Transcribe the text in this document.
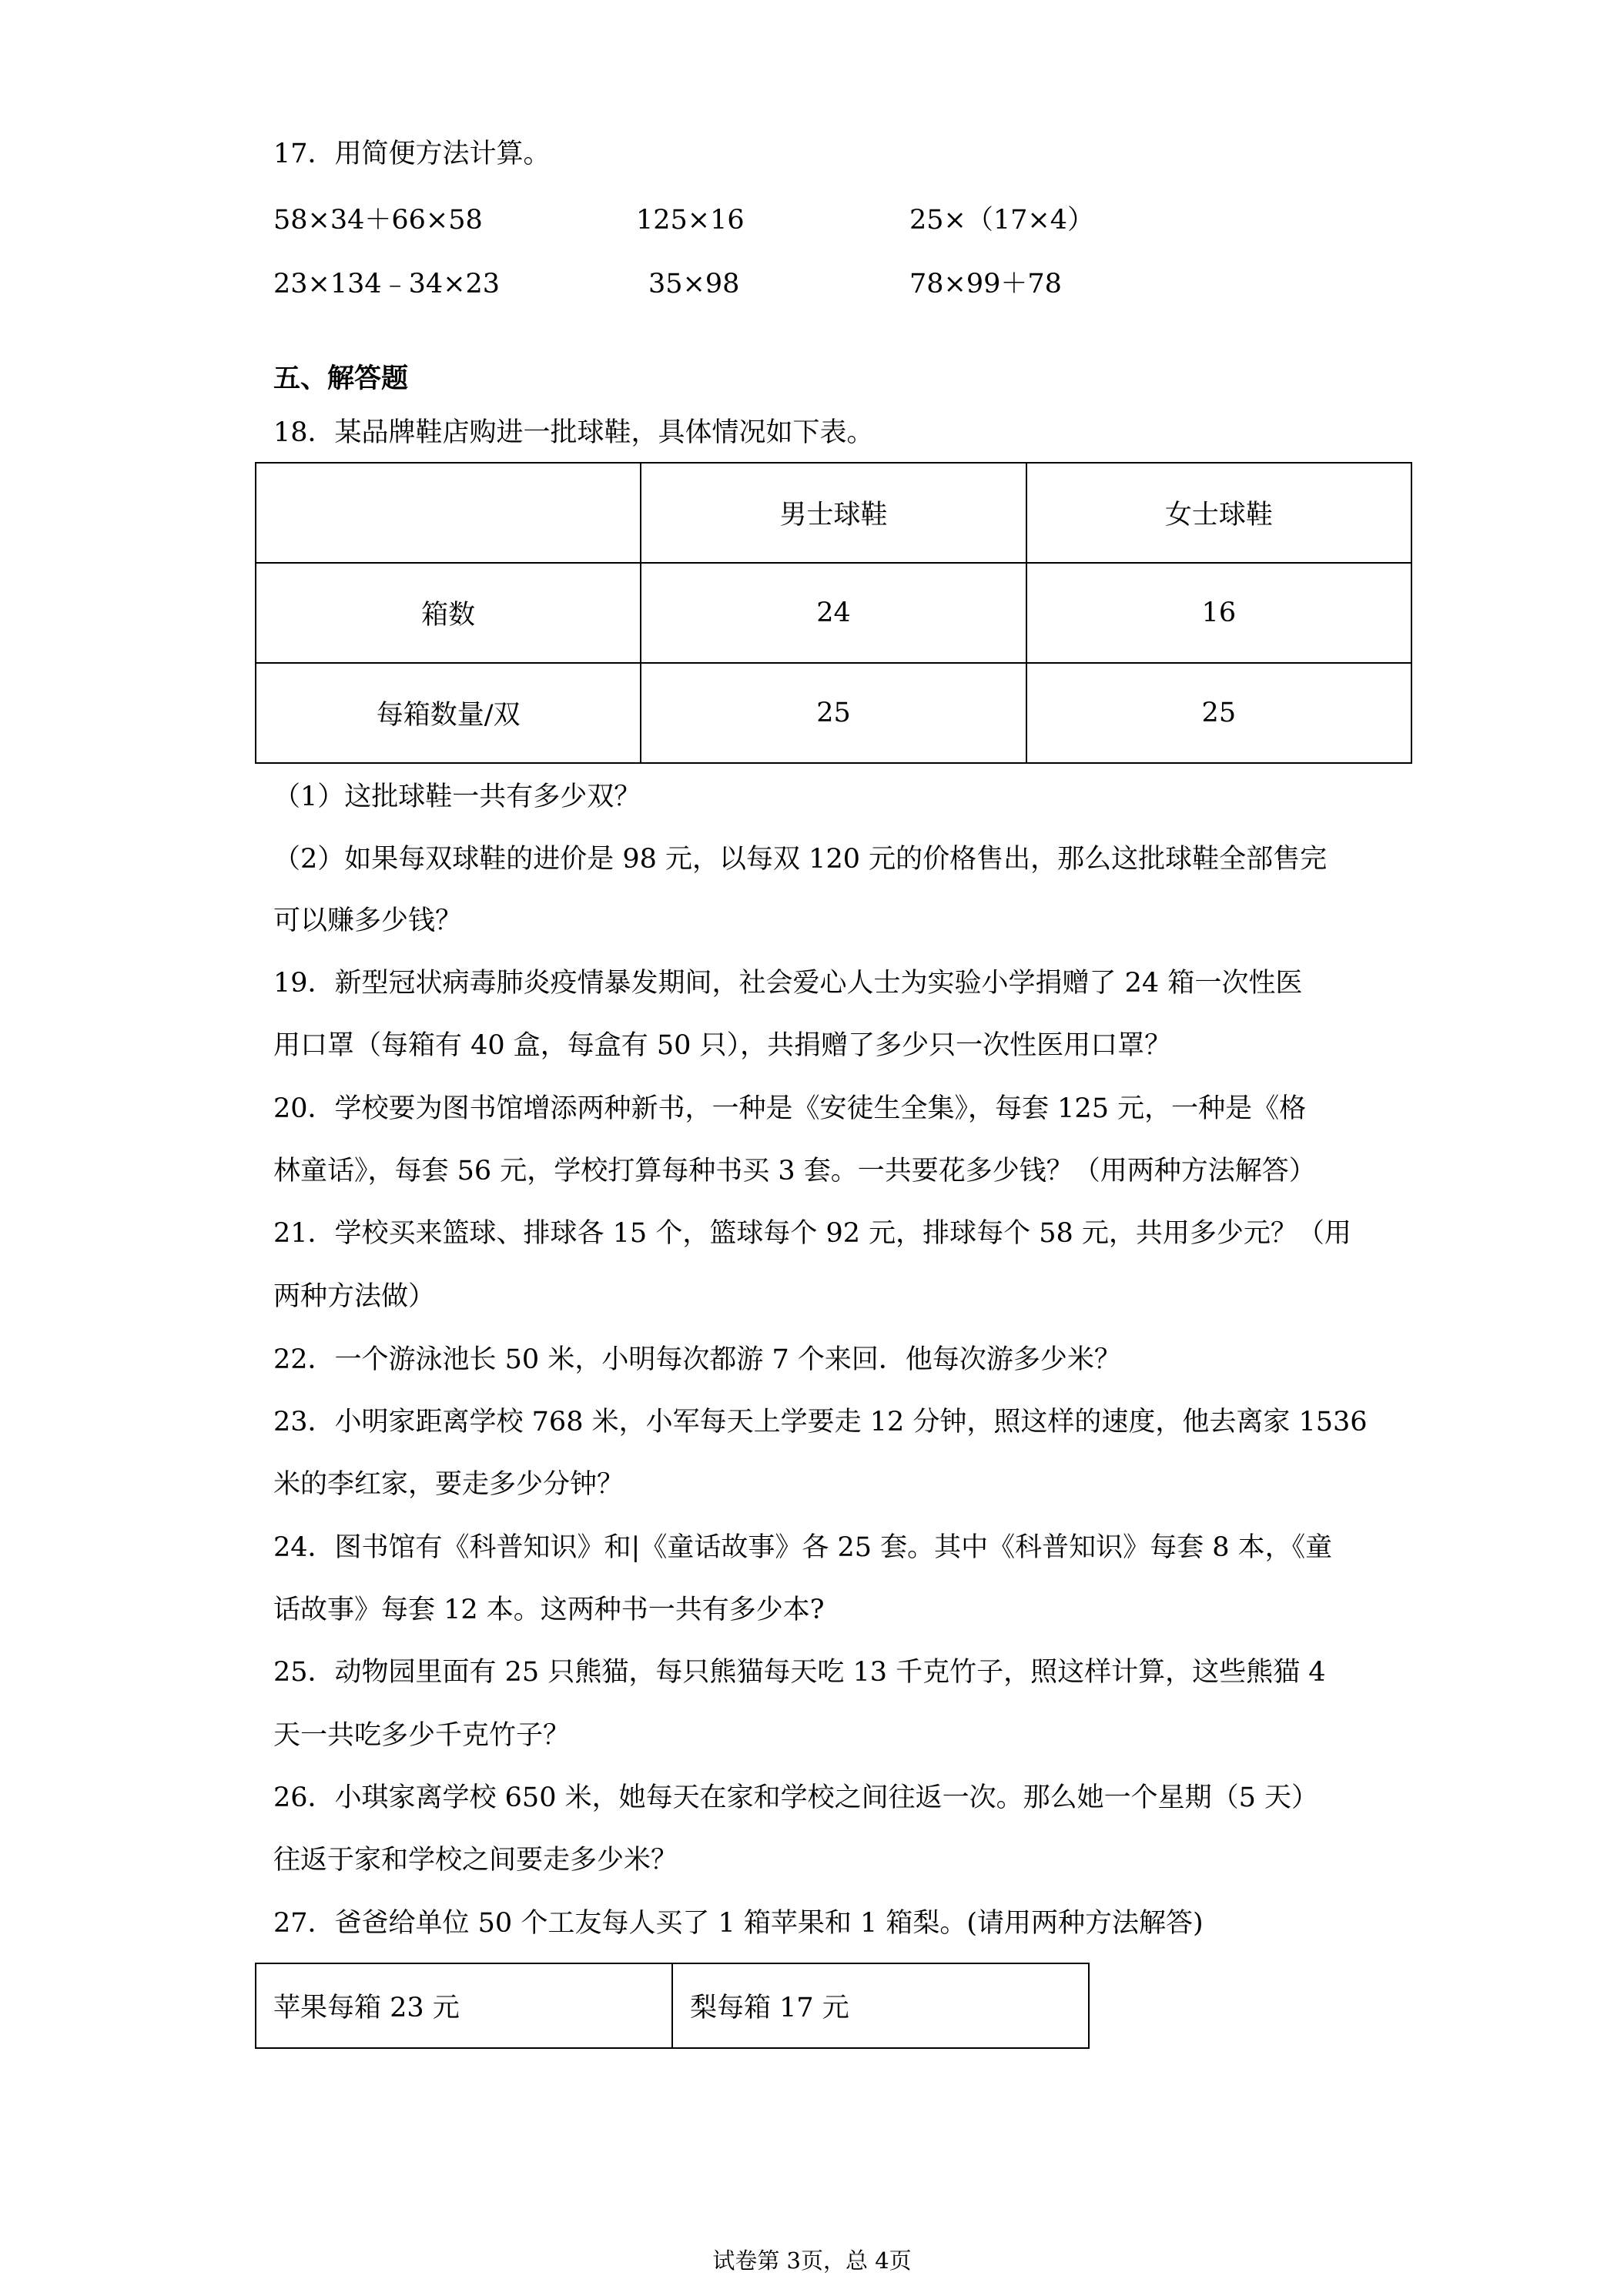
17．用简便方法计算。
58×34＋66×58	125×16	25×（17×4）
23×134﹣34×23	35×98	78×99＋78
五、解答题
18．某品牌鞋店购进一批球鞋，具体情况如下表。
	男士球鞋	女士球鞋
箱数	24	16
每箱数量/双	25	25
（1）这批球鞋一共有多少双？
（2）如果每双球鞋的进价是 98 元，以每双 120 元的价格售出，那么这批球鞋全部售完
可以赚多少钱？
19．新型冠状病毒肺炎疫情暴发期间，社会爱心人士为实验小学捐赠了 24 箱一次性医
用口罩（每箱有 40 盒，每盒有 50 只），共捐赠了多少只一次性医用口罩？
20．学校要为图书馆增添两种新书，一种是《安徒生全集》，每套 125 元，一种是《格
林童话》，每套 56 元，学校打算每种书买 3 套。一共要花多少钱？（用两种方法解答）
21．学校买来篮球、排球各 15 个，篮球每个 92 元，排球每个 58 元，共用多少元？（用
两种方法做）
22．一个游泳池长 50 米，小明每次都游 7 个来回．他每次游多少米？
23．小明家距离学校 768 米，小军每天上学要走 12 分钟，照这样的速度，他去离家 1536
米的李红家，要走多少分钟？
24．图书馆有《科普知识》和|《童话故事》各 25 套。其中《科普知识》每套 8 本，《童
话故事》每套 12 本。这两种书一共有多少本?
25．动物园里面有 25 只熊猫，每只熊猫每天吃 13 千克竹子，照这样计算，这些熊猫 4
天一共吃多少千克竹子？
26．小琪家离学校 650 米，她每天在家和学校之间往返一次。那么她一个星期（5 天）
往返于家和学校之间要走多少米？
27．爸爸给单位 50 个工友每人买了 1 箱苹果和 1 箱梨。(请用两种方法解答)
苹果每箱 23 元	梨每箱 17 元
试卷第 3页，总 4页
